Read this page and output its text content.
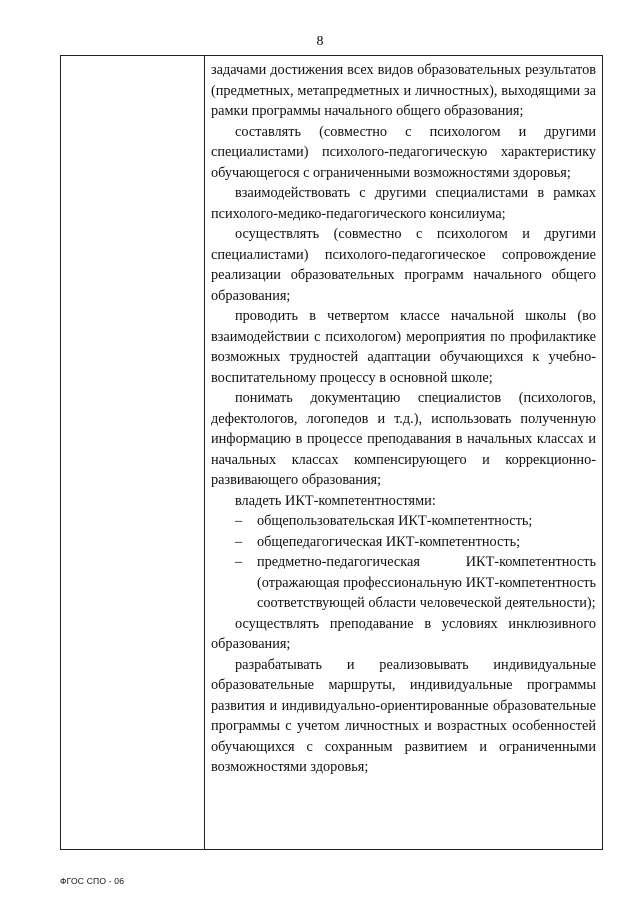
8

задачами достижения всех видов образовательных результатов (предметных, метапредметных и личностных), выходящими за рамки программы начального общего образования;

составлять (совместно с психологом и другими специалистами) психолого-педагогическую характеристику обучающегося с ограниченными возможностями здоровья;

взаимодействовать с другими специалистами в рамках психолого-медико-педагогического консилиума;

осуществлять (совместно с психологом и другими специалистами) психолого-педагогическое сопровождение реализации образовательных программ начального общего образования;

проводить в четвертом классе начальной школы (во взаимодействии с психологом) мероприятия по профилактике возможных трудностей адаптации обучающихся к учебно-воспитательному процессу в основной школе;

понимать документацию специалистов (психологов, дефектологов, логопедов и т.д.), использовать полученную информацию в процессе преподавания в начальных классах и начальных классах компенсирующего и коррекционно-развивающего образования;

владеть ИКТ-компетентностями:

– общепользовательская ИКТ-компетентность;
– общепедагогическая ИКТ-компетентность;
– предметно-педагогическая ИКТ-компетентность (отражающая профессиональную ИКТ-компетентность соответствующей области человеческой деятельности);

осуществлять преподавание в условиях инклюзивного образования;

разрабатывать и реализовывать индивидуальные образовательные маршруты, индивидуальные программы развития и индивидуально-ориентированные образовательные программы с учетом личностных и возрастных особенностей обучающихся с сохранным развитием и ограниченными возможностями здоровья;

ФГОС СПО - 06
